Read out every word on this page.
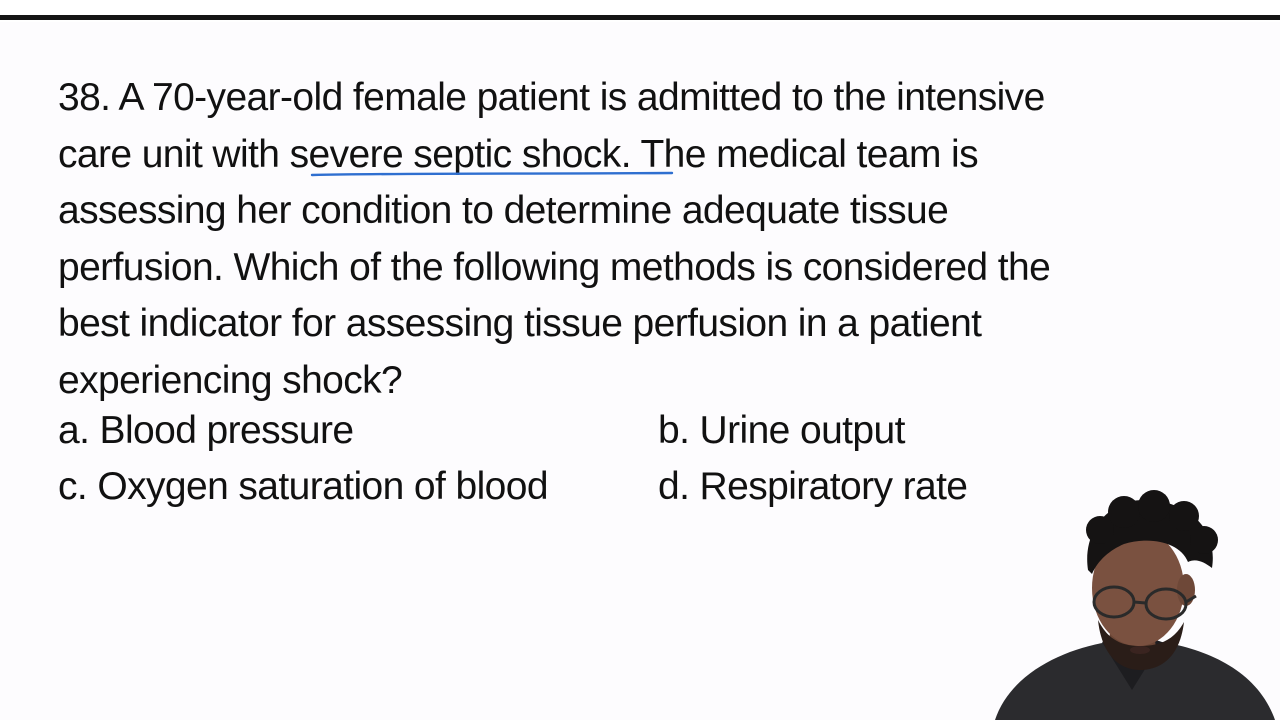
38. A 70-year-old female patient is admitted to the intensive
care unit with severe septic shock. The medical team is
assessing her condition to determine adequate tissue
perfusion. Which of the following methods is considered the
best indicator for assessing tissue perfusion in a patient
experiencing shock?
a. Blood pressure	b. Urine output
c. Oxygen saturation of blood	d. Respiratory rate
